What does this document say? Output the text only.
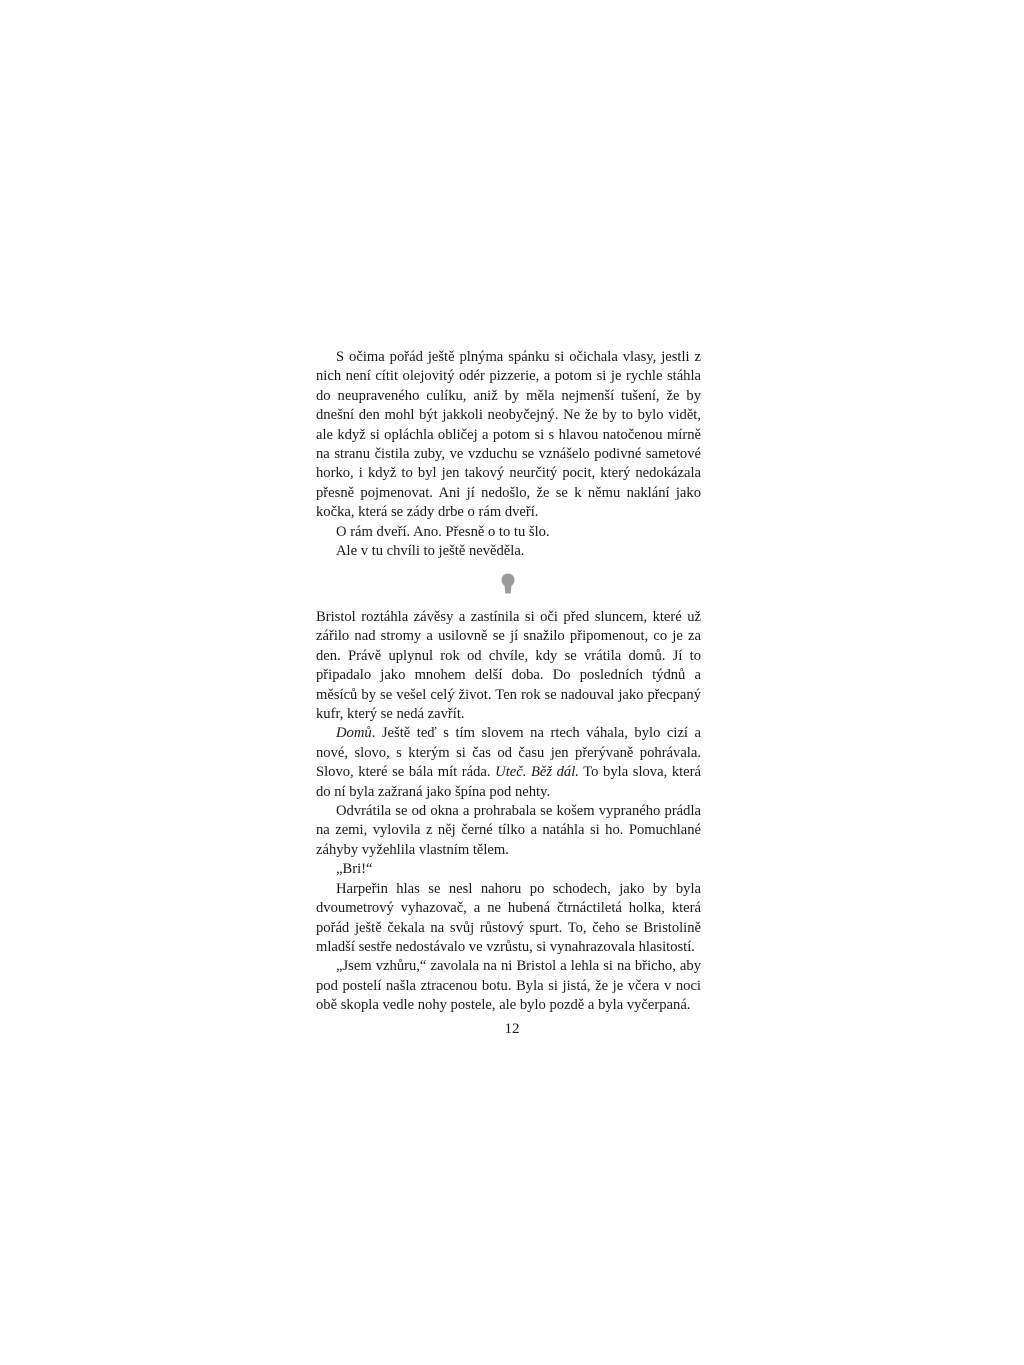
S očima pořád ještě plnýma spánku si očichala vlasy, jestli z nich není cítit olejovitý odér pizzerie, a potom si je rychle stáhla do neupraveného culíku, aniž by měla nejmenší tušení, že by dnešní den mohl být jakkoli neobyčejný. Ne že by to bylo vidět, ale když si opláchla obličej a potom si s hlavou natočenou mírně na stranu čistila zuby, ve vzduchu se vznášelo podivné sametové horko, i když to byl jen takový neurčitý pocit, který nedokázala přesně pojmenovat. Ani jí nedošlo, že se k němu naklání jako kočka, která se zády drbe o rám dveří.

O rám dveří. Ano. Přesně o to tu šlo.

Ale v tu chvíli to ještě nevěděla.

Bristol roztáhla závěsy a zastínila si oči před sluncem, které už zářilo nad stromy a usilovně se jí snažilo připomenout, co je za den. Právě uplynul rok od chvíle, kdy se vrátila domů. Jí to připadalo jako mnohem delší doba. Do posledních týdnů a měsíců by se vešel celý život. Ten rok se nadouval jako přecpaný kufr, který se nedá zavřít.

Domů. Ještě teď s tím slovem na rtech váhala, bylo cizí a nové, slovo, s kterým si čas od času jen přerývaně pohrávala. Slovo, které se bála mít ráda. Uteč. Běž dál. To byla slova, která do ní byla zažraná jako špína pod nehty.

Odvrátila se od okna a prohrabala se košem vypraného prádla na zemi, vylovila z něj černé tílko a natáhla si ho. Pomuchlané záhyby vyžehlila vlastním tělem.

„Bri!“

Harpeřin hlas se nesl nahoru po schodech, jako by byla dvoumetrový vyhazovač, a ne hubená čtrnáctiletá holka, která pořád ještě čekala na svůj růstový spurt. To, čeho se Bristolině mladší sestře nedostávalo ve vzrůstu, si vynahrazovala hlasitostí.

„Jsem vzhůru,“ zavolala na ni Bristol a lehla si na břicho, aby pod postelí našla ztracenou botu. Byla si jistá, že je včera v noci obě skopla vedle nohy postele, ale bylo pozdě a byla vyčerpaná.

12
